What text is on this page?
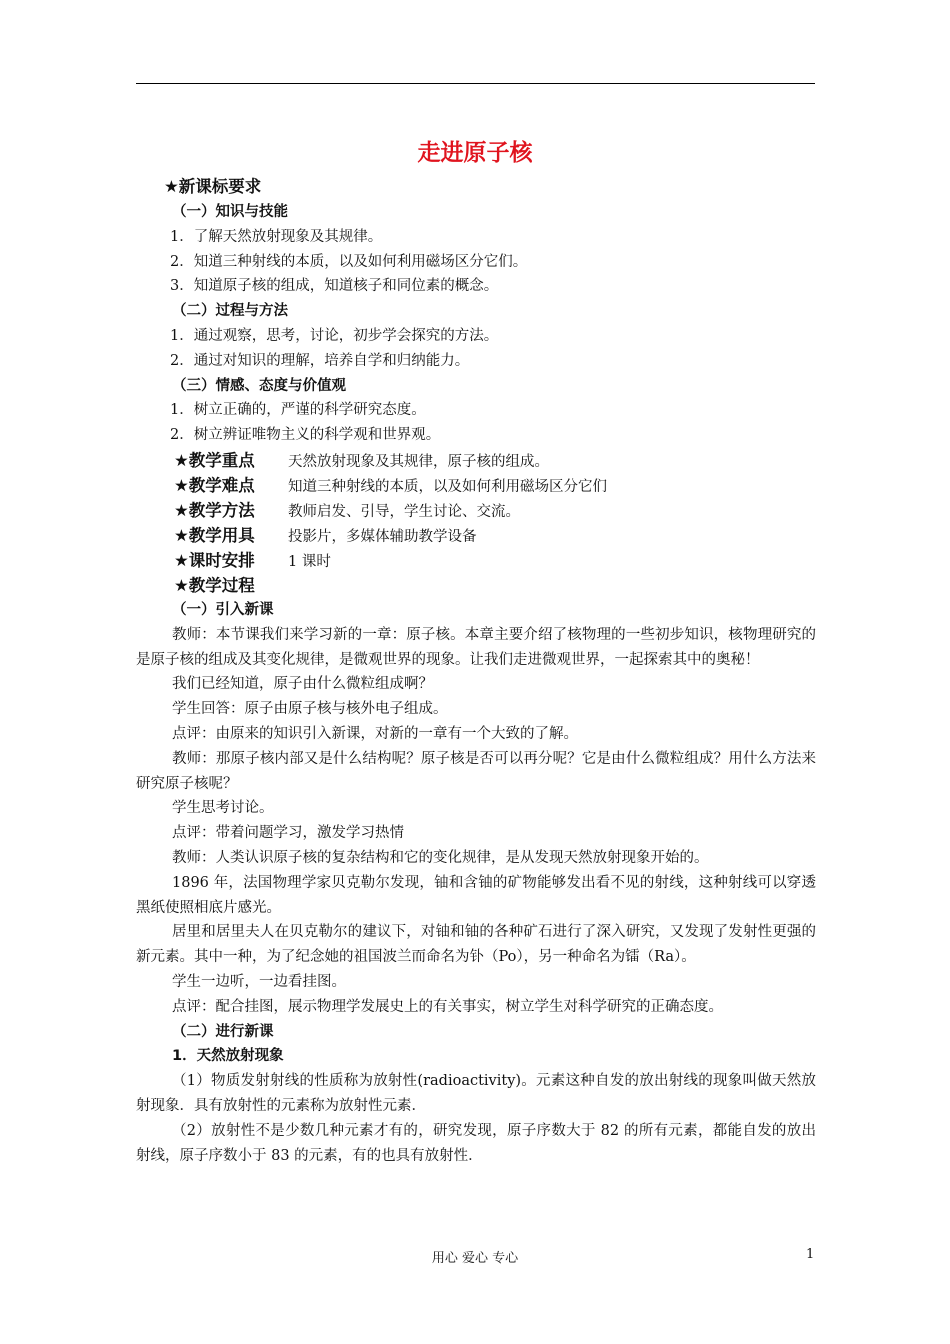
走进原子核
★新课标要求
（一）知识与技能
1．了解天然放射现象及其规律。
2．知道三种射线的本质，以及如何利用磁场区分它们。
3．知道原子核的组成，知道核子和同位素的概念。
（二）过程与方法
1．通过观察，思考，讨论，初步学会探究的方法。
2．通过对知识的理解，培养自学和归纳能力。
（三）情感、态度与价值观
1．树立正确的，严谨的科学研究态度。
2．树立辨证唯物主义的科学观和世界观。
★教学重点 天然放射现象及其规律，原子核的组成。
★教学难点 知道三种射线的本质，以及如何利用磁场区分它们
★教学方法 教师启发、引导，学生讨论、交流。
★教学用具 投影片，多媒体辅助教学设备
★课时安排 1 课时
★教学过程
（一）引入新课
教师：本节课我们来学习新的一章：原子核。本章主要介绍了核物理的一些初步知识，核物理研究的是原子核的组成及其变化规律，是微观世界的现象。让我们走进微观世界，一起探索其中的奥秘！
我们已经知道，原子由什么微粒组成啊？
学生回答：原子由原子核与核外电子组成。
点评：由原来的知识引入新课，对新的一章有一个大致的了解。
教师：那原子核内部又是什么结构呢？原子核是否可以再分呢？它是由什么微粒组成？用什么方法来研究原子核呢？
学生思考讨论。
点评：带着问题学习，激发学习热情
教师：人类认识原子核的复杂结构和它的变化规律，是从发现天然放射现象开始的。
1896 年，法国物理学家贝克勒尔发现，铀和含铀的矿物能够发出看不见的射线，这种射线可以穿透黑纸使照相底片感光。
居里和居里夫人在贝克勒尔的建议下，对铀和铀的各种矿石进行了深入研究，又发现了发射性更强的新元素。其中一种，为了纪念她的祖国波兰而命名为钋（Po），另一种命名为镭（Ra）。
学生一边听，一边看挂图。
点评：配合挂图，展示物理学发展史上的有关事实，树立学生对科学研究的正确态度。
（二）进行新课
1．天然放射现象
（1）物质发射射线的性质称为放射性(radioactivity)。元素这种自发的放出射线的现象叫做天然放射现象．具有放射性的元素称为放射性元素．
（2）放射性不是少数几种元素才有的，研究发现，原子序数大于 82 的所有元素，都能自发的放出射线，原子序数小于 83 的元素，有的也具有放射性．
用心 爱心 专心	1
